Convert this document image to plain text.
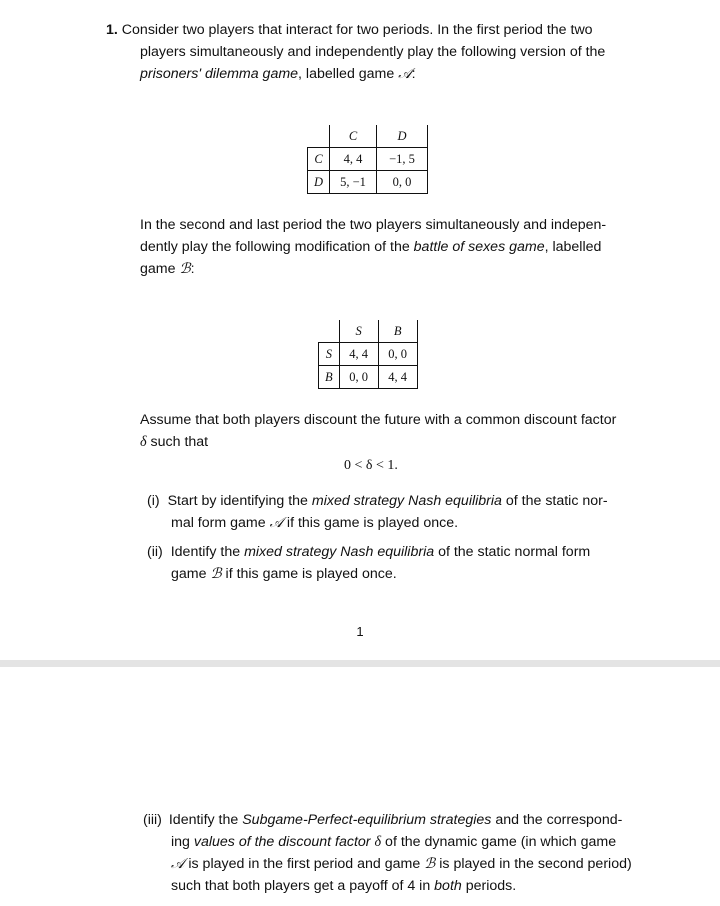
1. Consider two players that interact for two periods. In the first period the two
players simultaneously and independently play the following version of the
prisoners' dilemma game, labelled game 𝒜:
	C	D
C	4, 4	−1, 5
D	5, −1	0, 0
In the second and last period the two players simultaneously and indepen-
dently play the following modification of the battle of sexes game, labelled
game ℬ:
	S	B
S	4, 4	0, 0
B	0, 0	4, 4
Assume that both players discount the future with a common discount factor
δ such that
0 < δ < 1.
(i) Start by identifying the mixed strategy Nash equilibria of the static nor-
mal form game 𝒜 if this game is played once.
(ii) Identify the mixed strategy Nash equilibria of the static normal form
game ℬ if this game is played once.
1
(iii) Identify the Subgame-Perfect-equilibrium strategies and the correspond-
ing values of the discount factor δ of the dynamic game (in which game
𝒜 is played in the first period and game ℬ is played in the second period)
such that both players get a payoff of 4 in both periods.
